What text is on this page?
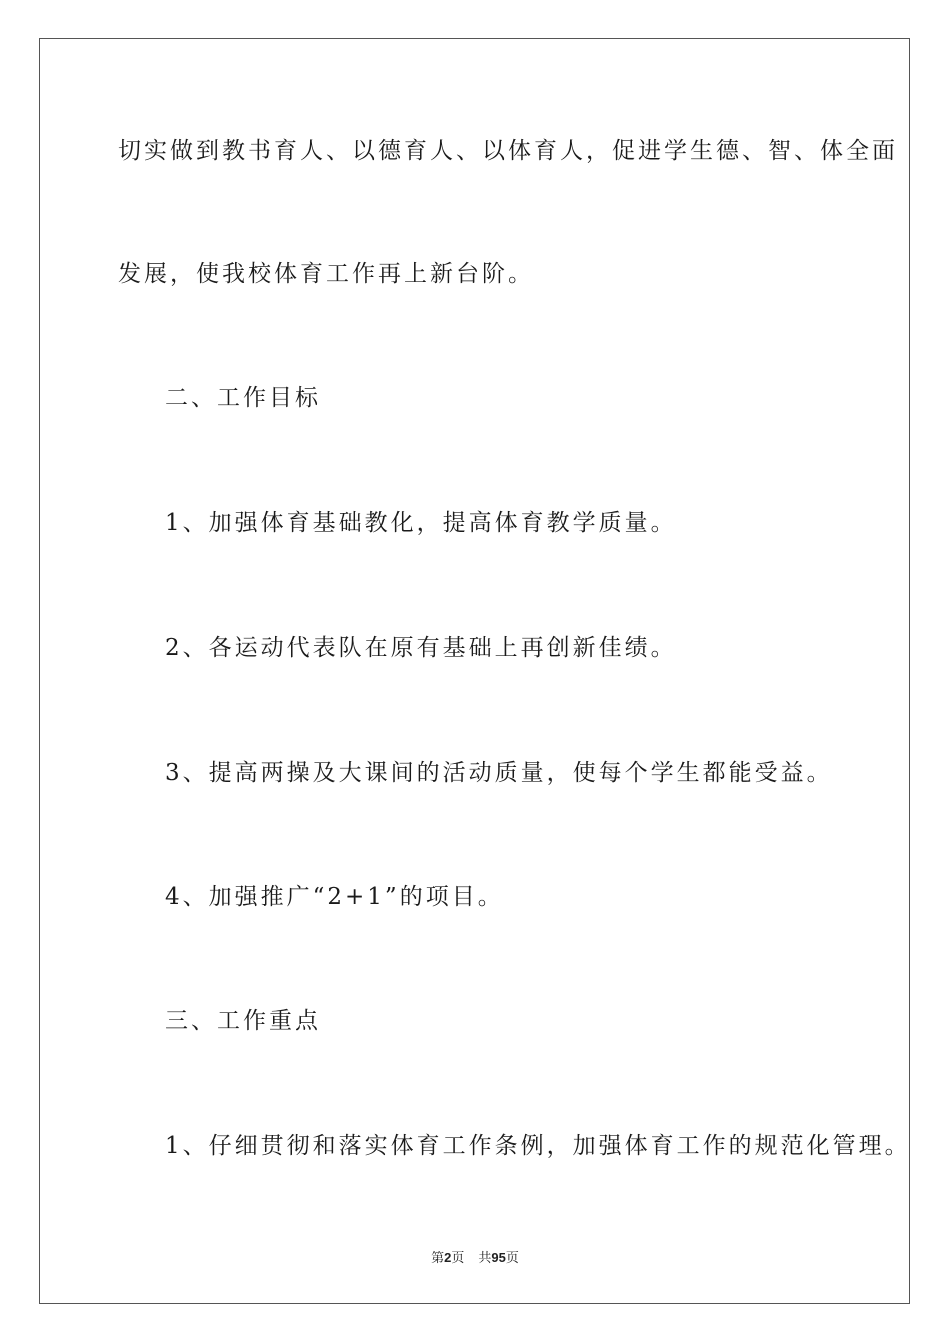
切实做到教书育人、以德育人、以体育人，促进学生德、智、体全面
发展，使我校体育工作再上新台阶。
二、工作目标
1、加强体育基础教化，提高体育教学质量。
2、各运动代表队在原有基础上再创新佳绩。
3、提高两操及大课间的活动质量，使每个学生都能受益。
4、加强推广“2+1”的项目。
三、工作重点
1、仔细贯彻和落实体育工作条例，加强体育工作的规范化管理。
第2页 共95页
